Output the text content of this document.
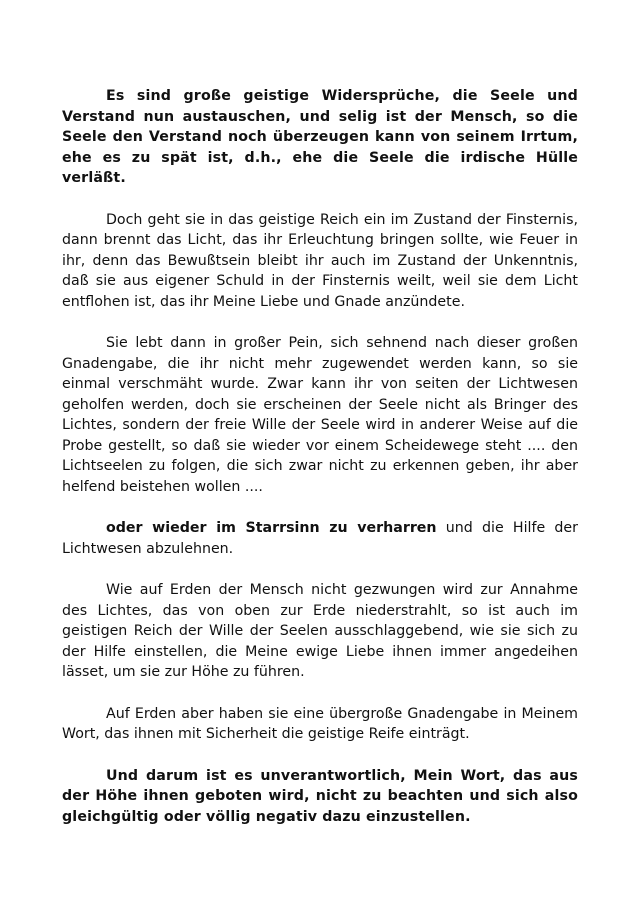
Es sind große geistige Widersprüche, die Seele und Verstand nun austauschen, und selig ist der Mensch, so die Seele den Verstand noch überzeugen kann von seinem Irrtum, ehe es zu spät ist, d.h., ehe die Seele die irdische Hülle verläßt.

Doch geht sie in das geistige Reich ein im Zustand der Finsternis, dann brennt das Licht, das ihr Erleuchtung bringen sollte, wie Feuer in ihr, denn das Bewußtsein bleibt ihr auch im Zustand der Unkenntnis, daß sie aus eigener Schuld in der Finsternis weilt, weil sie dem Licht entflohen ist, das ihr Meine Liebe und Gnade anzündete.

Sie lebt dann in großer Pein, sich sehnend nach dieser großen Gnadengabe, die ihr nicht mehr zugewendet werden kann, so sie einmal verschmäht wurde. Zwar kann ihr von seiten der Lichtwesen geholfen werden, doch sie erscheinen der Seele nicht als Bringer des Lichtes, sondern der freie Wille der Seele wird in anderer Weise auf die Probe gestellt, so daß sie wieder vor einem Scheidewege steht .... den Lichtseelen zu folgen, die sich zwar nicht zu erkennen geben, ihr aber helfend beistehen wollen ....

oder wieder im Starrsinn zu verharren und die Hilfe der Lichtwesen abzulehnen.

Wie auf Erden der Mensch nicht gezwungen wird zur Annahme des Lichtes, das von oben zur Erde niederstrahlt, so ist auch im geistigen Reich der Wille der Seelen ausschlaggebend, wie sie sich zu der Hilfe einstellen, die Meine ewige Liebe ihnen immer angedeihen lässet, um sie zur Höhe zu führen.

Auf Erden aber haben sie eine übergroße Gnadengabe in Meinem Wort, das ihnen mit Sicherheit die geistige Reife einträgt.

Und darum ist es unverantwortlich, Mein Wort, das aus der Höhe ihnen geboten wird, nicht zu beachten und sich also gleichgültig oder völlig negativ dazu einzustellen.
